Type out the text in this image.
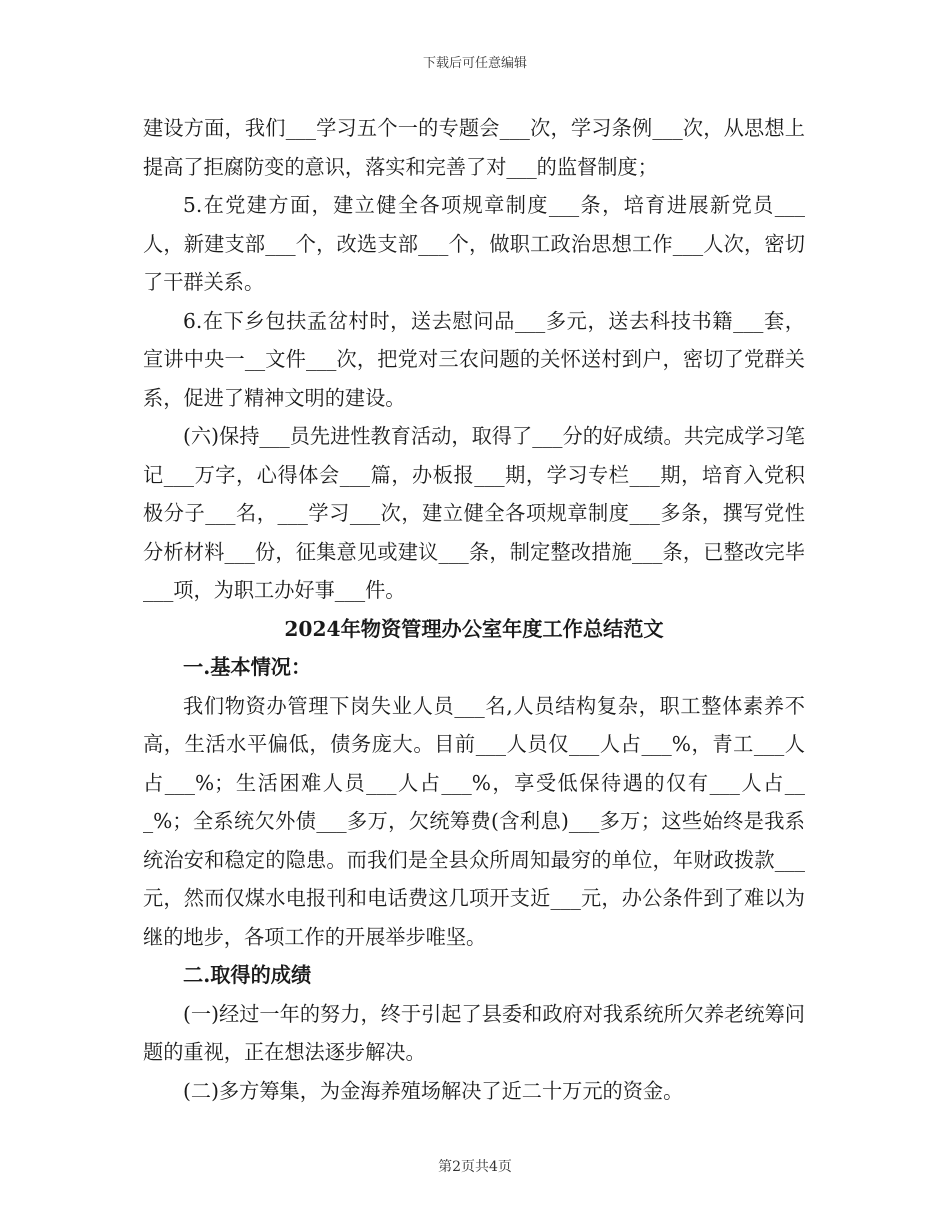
下载后可任意编辑

建设方面，我们___学习五个一的专题会___次，学习条例___次，从思想上提高了拒腐防变的意识，落实和完善了对___的监督制度；

5.在党建方面，建立健全各项规章制度___条，培育进展新党员___人，新建支部___个，改选支部___个，做职工政治思想工作___人次，密切了干群关系。

6.在下乡包扶孟岔村时，送去慰问品___多元，送去科技书籍___套，宣讲中央一__文件___次，把党对三农问题的关怀送村到户，密切了党群关系，促进了精神文明的建设。

(六)保持___员先进性教育活动，取得了___分的好成绩。共完成学习笔记___万字，心得体会___篇，办板报___期，学习专栏___期，培育入党积极分子___名，___学习___次，建立健全各项规章制度___多条，撰写党性分析材料___份，征集意见或建议___条，制定整改措施___条，已整改完毕___项，为职工办好事___件。

2024年物资管理办公室年度工作总结范文

一.基本情况：

我们物资办管理下岗失业人员___名,人员结构复杂，职工整体素养不高，生活水平偏低，债务庞大。目前___人员仅___人占___%，青工___人占___%；生活困难人员___人占___%，享受低保待遇的仅有___人占___%；全系统欠外债___多万，欠统筹费(含利息)___多万；这些始终是我系统治安和稳定的隐患。而我们是全县众所周知最穷的单位，年财政拨款___元，然而仅煤水电报刊和电话费这几项开支近___元，办公条件到了难以为继的地步，各项工作的开展举步唯坚。

二.取得的成绩

(一)经过一年的努力，终于引起了县委和政府对我系统所欠养老统筹问题的重视，正在想法逐步解决。

(二)多方筹集，为金海养殖场解决了近二十万元的资金。

第2页共4页
